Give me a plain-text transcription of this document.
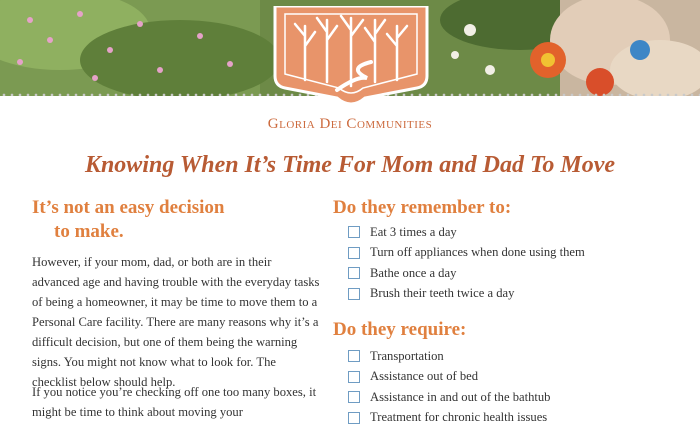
Gloria Dei Communities
Knowing When It’s Time For Mom and Dad To Move
It’s not an easy decision
to make.

However, if your mom, dad, or both are in their advanced age and having trouble with the everyday tasks of being a homeowner, it may be time to move them to a Personal Care facility. There are many reasons why it’s a difficult decision, but one of them being the warning signs. You might not know what to look for. The checklist below should help.

If you notice you’re checking off one too many boxes, it might be time to think about moving your

Do they remember to:
Eat 3 times a day
Turn off appliances when done using them
Bathe once a day
Brush their teeth twice a day
Do they require:
Transportation
Assistance out of bed
Assistance in and out of the bathtub
Treatment for chronic health issues
